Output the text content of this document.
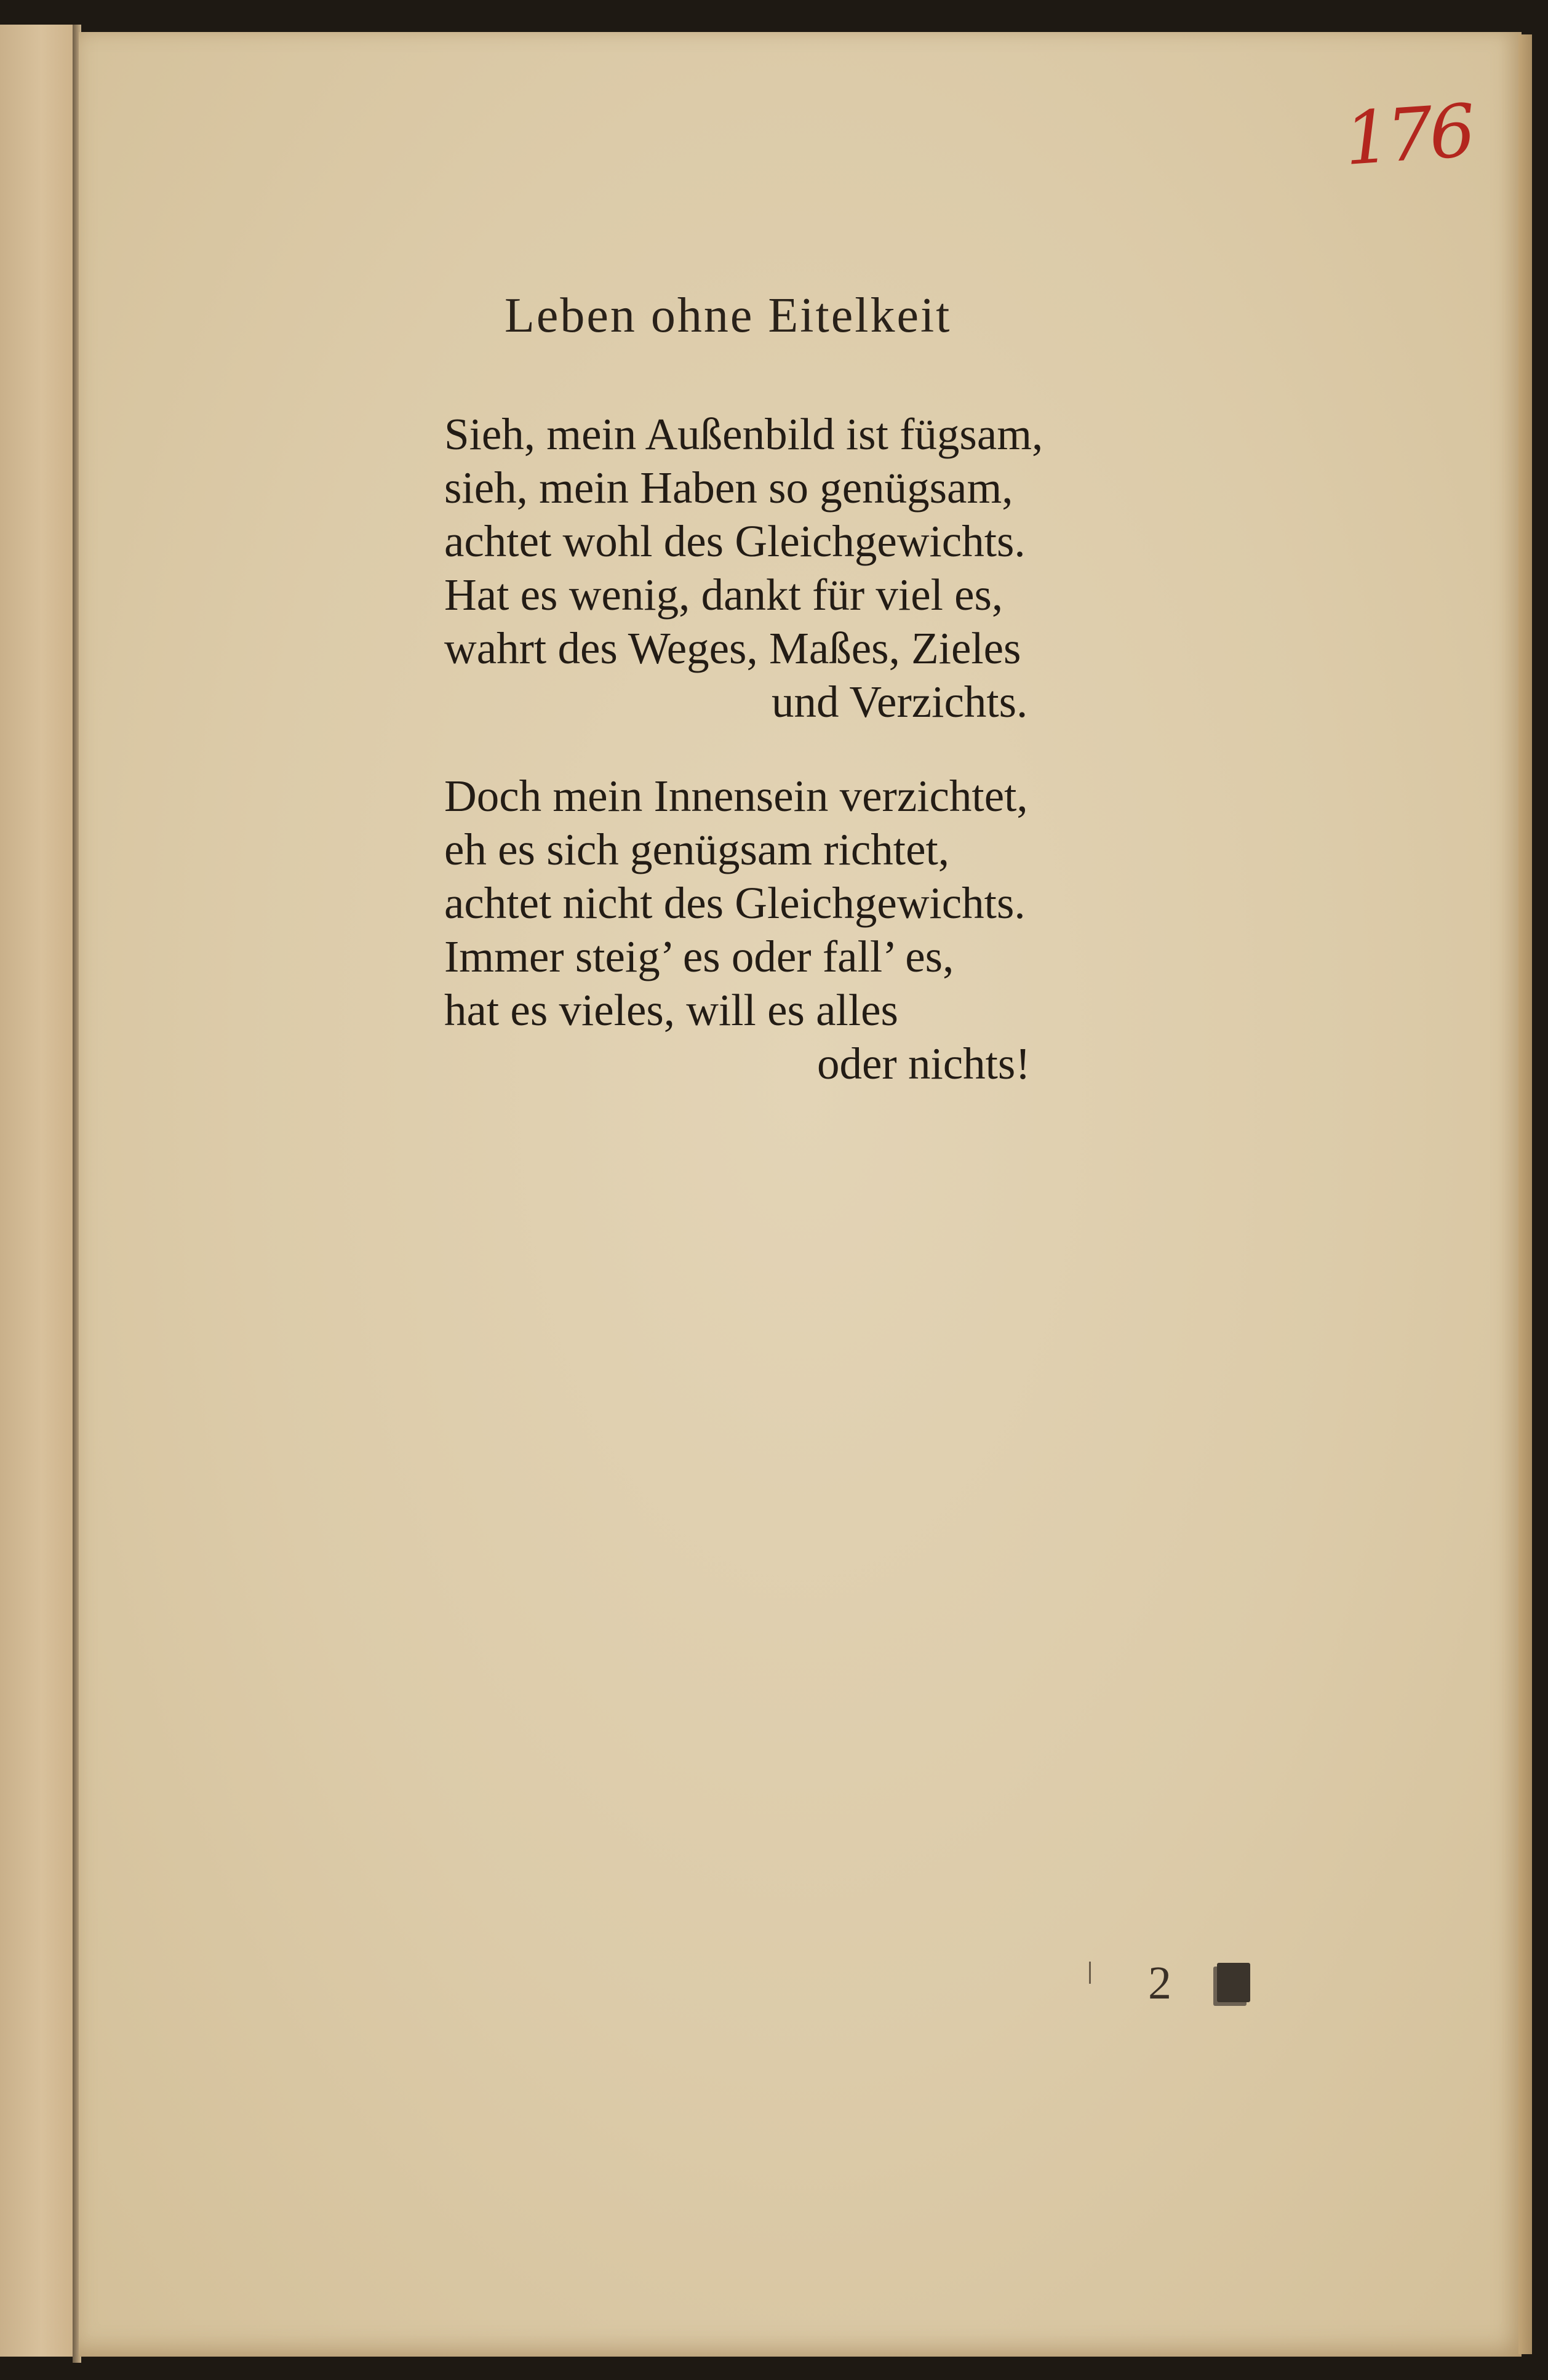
176
Leben ohne Eitelkeit
Sieh, mein Außenbild ist fügsam,
sieh, mein Haben so genügsam,
achtet wohl des Gleichgewichts.
Hat es wenig, dankt für viel es,
wahrt des Weges, Maßes, Zieles
und Verzichts.
Doch mein Innensein verzichtet,
eh es sich genügsam richtet,
achtet nicht des Gleichgewichts.
Immer steig’ es oder fall’ es,
hat es vieles, will es alles
oder nichts!
2
